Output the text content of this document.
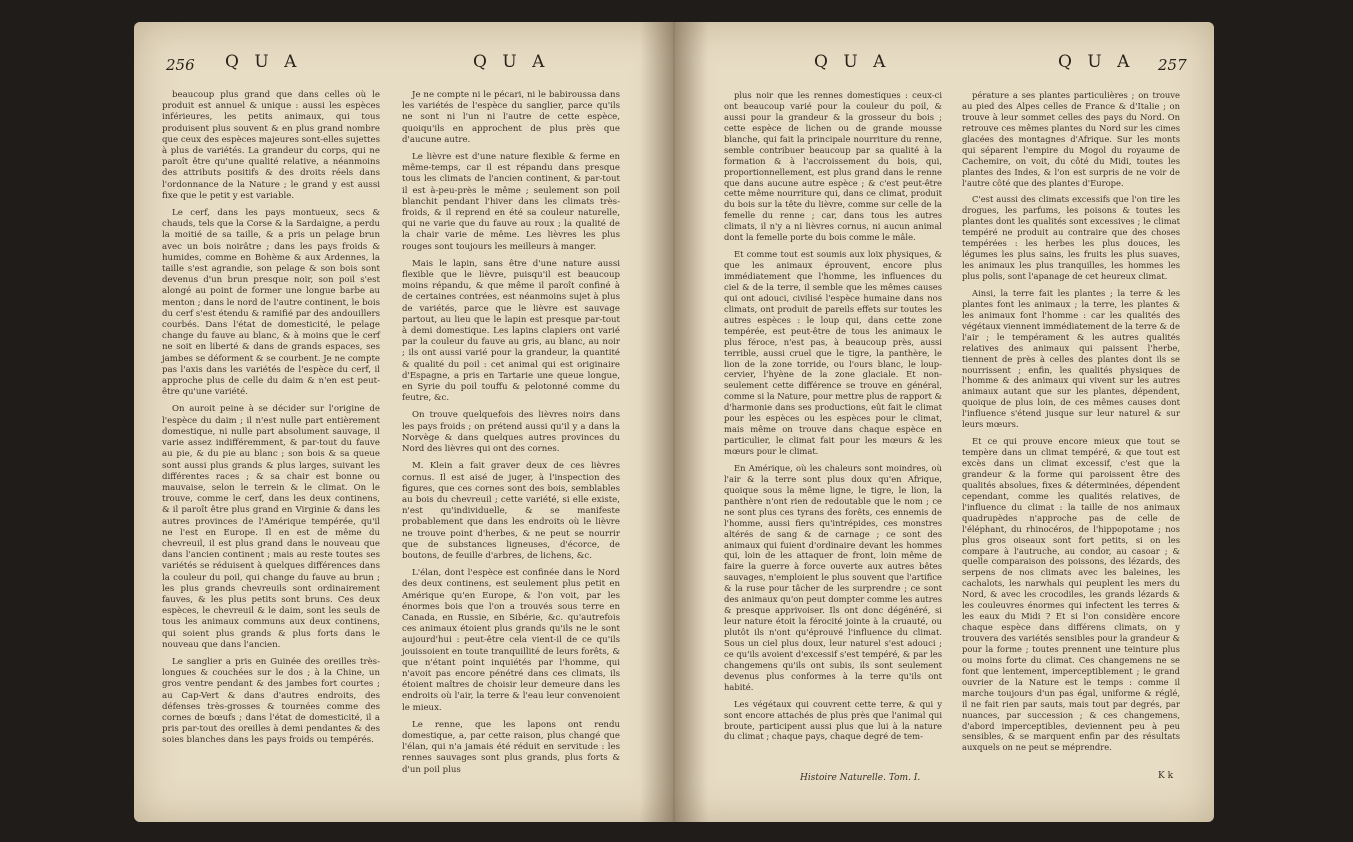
256 Q U A	Q U A	Q U A	Q U A 257

beaucoup plus grand que dans celles où le produit est annuel & unique : aussi les espèces inférieures, les petits animaux, qui tous produisent plus souvent & en plus grand nombre que ceux des espèces majeures sont-elles sujettes à plus de variétés. La grandeur du corps, qui ne paroît être qu'une qualité relative, a néanmoins des attributs positifs & des droits réels dans l'ordonnance de la Nature ; le grand y est aussi fixe que le petit y est variable.

Le cerf, dans les pays montueux, secs & chauds, tels que la Corse & la Sardaigne, a perdu la moitié de sa taille, & a pris un pelage brun avec un bois noirâtre ; dans les pays froids & humides, comme en Bohème & aux Ardennes, la taille s'est agrandie, son pelage & son bois sont devenus d'un brun presque noir, son poil s'est alongé au point de former une longue barbe au menton ; dans le nord de l'autre continent, le bois du cerf s'est étendu & ramifié par des andouillers courbés. Dans l'état de domesticité, le pelage change du fauve au blanc, & à moins que le cerf ne soit en liberté & dans de grands espaces, ses jambes se déforment & se courbent. Je ne compte pas l'axis dans les variétés de l'espèce du cerf, il approche plus de celle du daim & n'en est peut-être qu'une variété.

On auroit peine à se décider sur l'origine de l'espèce du daim ; il n'est nulle part entièrement domestique, ni nulle part absolument sauvage, il varie assez indifféremment, & par-tout du fauve au pie, & du pie au blanc ; son bois & sa queue sont aussi plus grands & plus larges, suivant les différentes races ; & sa chair est bonne ou mauvaise, selon le terrein & le climat. On le trouve, comme le cerf, dans les deux continens, & il paroît être plus grand en Virginie & dans les autres provinces de l'Amérique tempérée, qu'il ne l'est en Europe. Il en est de même du chevreuil, il est plus grand dans le nouveau que dans l'ancien continent ; mais au reste toutes ses variétés se réduisent à quelques différences dans la couleur du poil, qui change du fauve au brun ; les plus grands chevreuils sont ordinairement fauves, & les plus petits sont bruns. Ces deux espèces, le chevreuil & le daim, sont les seuls de tous les animaux communs aux deux continens, qui soient plus grands & plus forts dans le nouveau que dans l'ancien.

Le sanglier a pris en Guinée des oreilles très-longues & couchées sur le dos ; à la Chine, un gros ventre pendant & des jambes fort courtes ; au Cap-Vert & dans d'autres endroits, des défenses très-grosses & tournées comme des cornes de bœufs ; dans l'état de domesticité, il a pris par-tout des oreilles à demi pendantes & des soies blanches dans les pays froids ou tempérés.

Je ne compte ni le pécari, ni le babiroussa dans les variétés de l'espèce du sanglier, parce qu'ils ne sont ni l'un ni l'autre de cette espèce, quoiqu'ils en approchent de plus près que d'aucune autre.

Le lièvre est d'une nature flexible & ferme en même-temps, car il est répandu dans presque tous les climats de l'ancien continent, & par-tout il est à-peu-près le même ; seulement son poil blanchit pendant l'hiver dans les climats très-froids, & il reprend en été sa couleur naturelle, qui ne varie que du fauve au roux ; la qualité de la chair varie de même. Les lièvres les plus rouges sont toujours les meilleurs à manger.

Mais le lapin, sans être d'une nature aussi flexible que le lièvre, puisqu'il est beaucoup moins répandu, & que même il paroît confiné à de certaines contrées, est néanmoins sujet à plus de variétés, parce que le lièvre est sauvage partout, au lieu que le lapin est presque par-tout à demi domestique. Les lapins clapiers ont varié par la couleur du fauve au gris, au blanc, au noir ; ils ont aussi varié pour la grandeur, la quantité & qualité du poil : cet animal qui est originaire d'Espagne, a pris en Tartarie une queue longue, en Syrie du poil touffu & pelotonné comme du feutre, &c.

On trouve quelquefois des lièvres noirs dans les pays froids ; on prétend aussi qu'il y a dans la Norvège & dans quelques autres provinces du Nord des lièvres qui ont des cornes.

M. Klein a fait graver deux de ces lièvres cornus. Il est aisé de juger, à l'inspection des figures, que ces cornes sont des bois, semblables au bois du chevreuil ; cette variété, si elle existe, n'est qu'individuelle, & se manifeste probablement que dans les endroits où le lièvre ne trouve point d'herbes, & ne peut se nourrir que de substances ligneuses, d'écorce, de boutons, de feuille d'arbres, de lichens, &c.

L'élan, dont l'espèce est confinée dans le Nord des deux continens, est seulement plus petit en Amérique qu'en Europe, & l'on voit, par les énormes bois que l'on a trouvés sous terre en Canada, en Russie, en Sibérie, &c. qu'autrefois ces animaux étoient plus grands qu'ils ne le sont aujourd'hui : peut-être cela vient-il de ce qu'ils jouissoient en toute tranquillité de leurs forêts, & que n'étant point inquiétés par l'homme, qui n'avoit pas encore pénétré dans ces climats, ils étoient maîtres de choisir leur demeure dans les endroits où l'air, la terre & l'eau leur convenoient le mieux.

Le renne, que les lapons ont rendu domestique, a, par cette raison, plus changé que l'élan, qui n'a jamais été réduit en servitude : les rennes sauvages sont plus grands, plus forts & d'un poil plus

plus noir que les rennes domestiques : ceux-ci ont beaucoup varié pour la couleur du poil, & aussi pour la grandeur & la grosseur du bois ; cette espèce de lichen ou de grande mousse blanche, qui fait la principale nourriture du renne, semble contribuer beaucoup par sa qualité à la formation & à l'accroissement du bois, qui, proportionnellement, est plus grand dans le renne que dans aucune autre espèce ; & c'est peut-être cette même nourriture qui, dans ce climat, produit du bois sur la tête du lièvre, comme sur celle de la femelle du renne ; car, dans tous les autres climats, il n'y a ni lièvres cornus, ni aucun animal dont la femelle porte du bois comme le mâle.

Et comme tout est soumis aux loix physiques, & que les animaux éprouvent, encore plus immédiatement que l'homme, les influences du ciel & de la terre, il semble que les mêmes causes qui ont adouci, civilisé l'espèce humaine dans nos climats, ont produit de pareils effets sur toutes les autres espèces : le loup qui, dans cette zone tempérée, est peut-être de tous les animaux le plus féroce, n'est pas, à beaucoup près, aussi terrible, aussi cruel que le tigre, la panthère, le lion de la zone torride, ou l'ours blanc, le loup-cervier, l'hyène de la zone glaciale. Et non-seulement cette différence se trouve en général, comme si la Nature, pour mettre plus de rapport & d'harmonie dans ses productions, eût fait le climat pour les espèces ou les espèces pour le climat, mais même on trouve dans chaque espèce en particulier, le climat fait pour les mœurs & les mœurs pour le climat.

En Amérique, où les chaleurs sont moindres, où l'air & la terre sont plus doux qu'en Afrique, quoique sous la même ligne, le tigre, le lion, la panthère n'ont rien de redoutable que le nom ; ce ne sont plus ces tyrans des forêts, ces ennemis de l'homme, aussi fiers qu'intrépides, ces monstres altérés de sang & de carnage ; ce sont des animaux qui fuient d'ordinaire devant les hommes qui, loin de les attaquer de front, loin même de faire la guerre à force ouverte aux autres bêtes sauvages, n'emploient le plus souvent que l'artifice & la ruse pour tâcher de les surprendre ; ce sont des animaux qu'on peut dompter comme les autres & presque apprivoiser. Ils ont donc dégénéré, si leur nature étoit la férocité jointe à la cruauté, ou plutôt ils n'ont qu'éprouvé l'influence du climat. Sous un ciel plus doux, leur naturel s'est adouci ; ce qu'ils avoient d'excessif s'est tempéré, & par les changemens qu'ils ont subis, ils sont seulement devenus plus conformes à la terre qu'ils ont habité.

Les végétaux qui couvrent cette terre, & qui y sont encore attachés de plus près que l'animal qui broute, participent aussi plus que lui à la nature du climat ; chaque pays, chaque degré de tem-

pérature a ses plantes particulières ; on trouve au pied des Alpes celles de France & d'Italie ; on trouve à leur sommet celles des pays du Nord. On retrouve ces mêmes plantes du Nord sur les cimes glacées des montagnes d'Afrique. Sur les monts qui séparent l'empire du Mogol du royaume de Cachemire, on voit, du côté du Midi, toutes les plantes des Indes, & l'on est surpris de ne voir de l'autre côté que des plantes d'Europe.

C'est aussi des climats excessifs que l'on tire les drogues, les parfums, les poisons & toutes les plantes dont les qualités sont excessives ; le climat tempéré ne produit au contraire que des choses tempérées : les herbes les plus douces, les légumes les plus sains, les fruits les plus suaves, les animaux les plus tranquilles, les hommes les plus polis, sont l'apanage de cet heureux climat.

Ainsi, la terre fait les plantes ; la terre & les plantes font les animaux ; la terre, les plantes & les animaux font l'homme : car les qualités des végétaux viennent immédiatement de la terre & de l'air ; le tempérament & les autres qualités relatives des animaux qui paissent l'herbe, tiennent de près à celles des plantes dont ils se nourrissent ; enfin, les qualités physiques de l'homme & des animaux qui vivent sur les autres animaux autant que sur les plantes, dépendent, quoique de plus loin, de ces mêmes causes dont l'influence s'étend jusque sur leur naturel & sur leurs mœurs.

Et ce qui prouve encore mieux que tout se tempère dans un climat tempéré, & que tout est excès dans un climat excessif, c'est que la grandeur & la forme qui paroissent être des qualités absolues, fixes & déterminées, dépendent cependant, comme les qualités relatives, de l'influence du climat : la taille de nos animaux quadrupèdes n'approche pas de celle de l'éléphant, du rhinocéros, de l'hippopotame ; nos plus gros oiseaux sont fort petits, si on les compare à l'autruche, au condor, au casoar ; & quelle comparaison des poissons, des lézards, des serpens de nos climats avec les baleines, les cachalots, les narwhals qui peuplent les mers du Nord, & avec les crocodiles, les grands lézards & les couleuvres énormes qui infectent les terres & les eaux du Midi ? Et si l'on considère encore chaque espèce dans différens climats, on y trouvera des variétés sensibles pour la grandeur & pour la forme ; toutes prennent une teinture plus ou moins forte du climat. Ces changemens ne se font que lentement, imperceptiblement ; le grand ouvrier de la Nature est le temps : comme il marche toujours d'un pas égal, uniforme & réglé, il ne fait rien par sauts, mais tout par degrés, par nuances, par succession ; & ces changemens, d'abord imperceptibles, deviennent peu à peu sensibles, & se marquent enfin par des résultats auxquels on ne peut se méprendre.

Histoire Naturelle. Tom. I.	K k
